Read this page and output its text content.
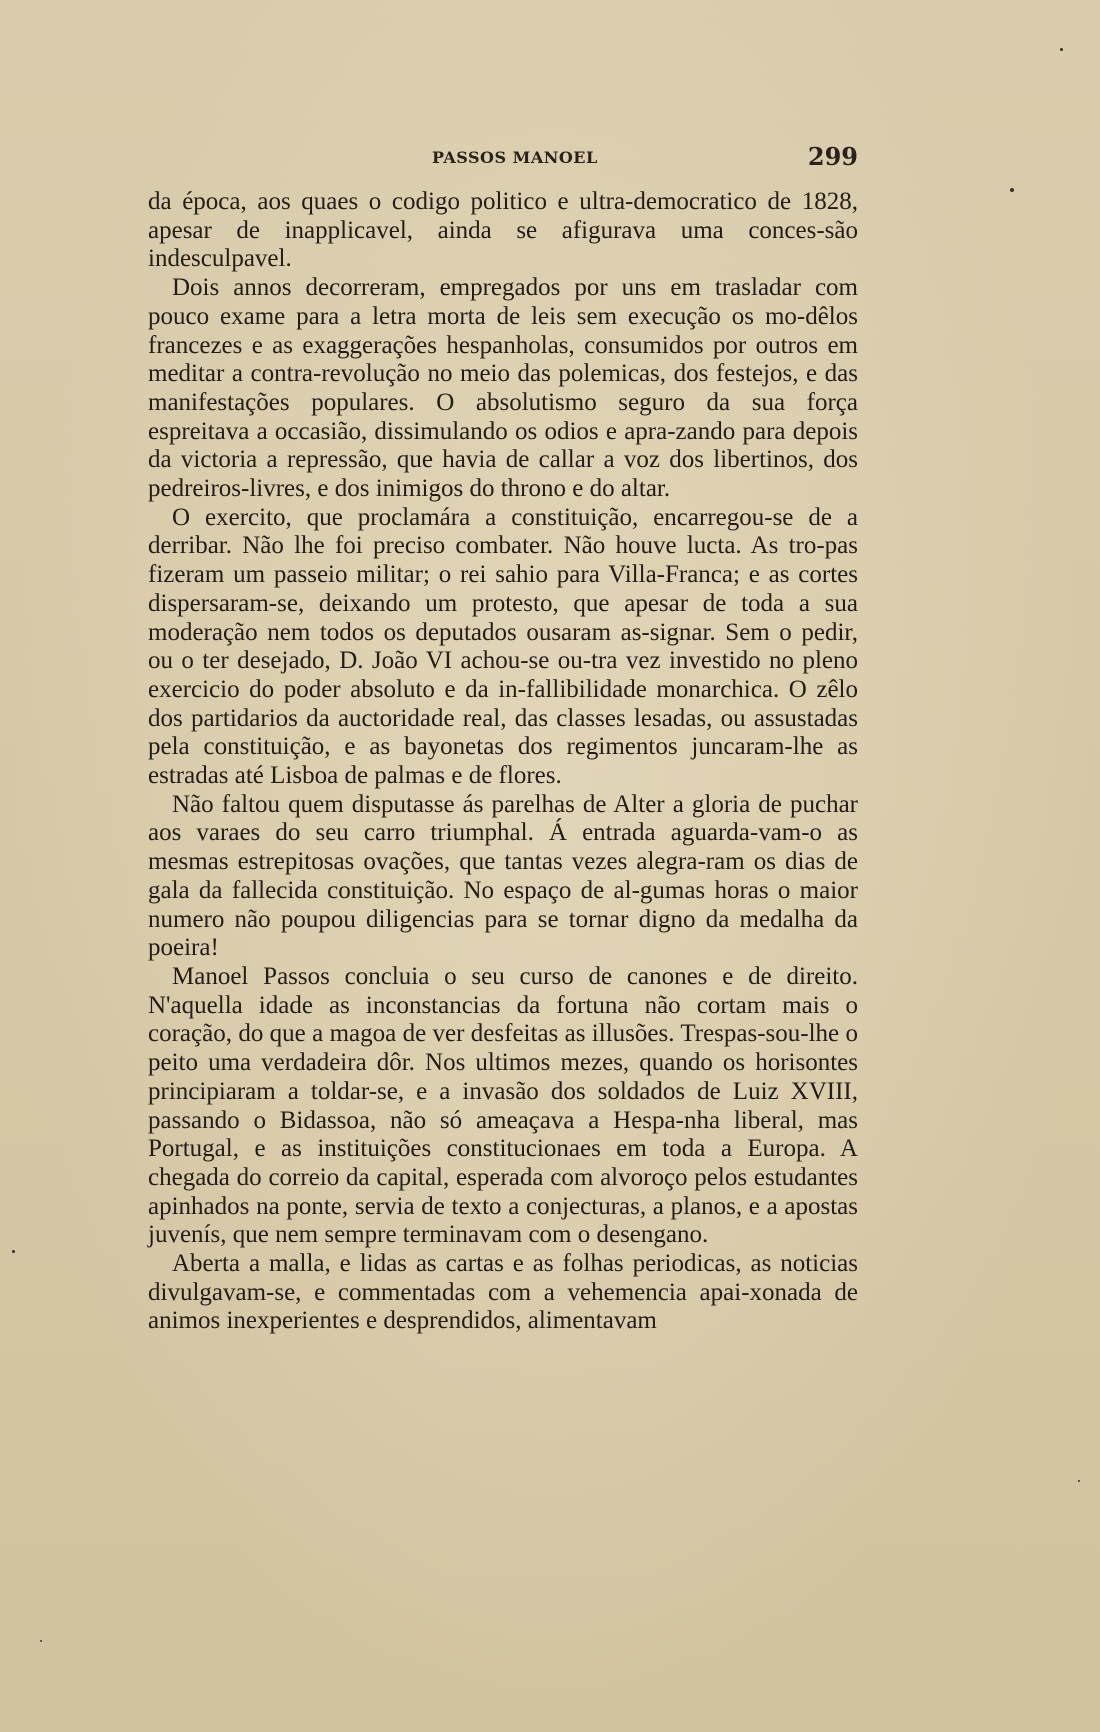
PASSOS MANOEL	299

da época, aos quaes o codigo politico e ultra-democratico de 1828, apesar de inapplicavel, ainda se afigurava uma conces-são indesculpavel.

Dois annos decorreram, empregados por uns em trasladar com pouco exame para a letra morta de leis sem execução os mo-dêlos francezes e as exaggerações hespanholas, consumidos por outros em meditar a contra-revolução no meio das polemicas, dos festejos, e das manifestações populares. O absolutismo seguro da sua força espreitava a occasião, dissimulando os odios e apra-zando para depois da victoria a repressão, que havia de callar a voz dos libertinos, dos pedreiros-livres, e dos inimigos do throno e do altar.

O exercito, que proclamára a constituição, encarregou-se de a derribar. Não lhe foi preciso combater. Não houve lucta. As tro-pas fizeram um passeio militar; o rei sahio para Villa-Franca; e as cortes dispersaram-se, deixando um protesto, que apesar de toda a sua moderação nem todos os deputados ousaram as-signar. Sem o pedir, ou o ter desejado, D. João VI achou-se ou-tra vez investido no pleno exercicio do poder absoluto e da in-fallibilidade monarchica. O zêlo dos partidarios da auctoridade real, das classes lesadas, ou assustadas pela constituição, e as bayonetas dos regimentos juncaram-lhe as estradas até Lisboa de palmas e de flores.

Não faltou quem disputasse ás parelhas de Alter a gloria de puchar aos varaes do seu carro triumphal. Á entrada aguarda-vam-o as mesmas estrepitosas ovações, que tantas vezes alegra-ram os dias de gala da fallecida constituição. No espaço de al-gumas horas o maior numero não poupou diligencias para se tornar digno da medalha da poeira!

Manoel Passos concluia o seu curso de canones e de direito. N'aquella idade as inconstancias da fortuna não cortam mais o coração, do que a magoa de ver desfeitas as illusões. Trespas-sou-lhe o peito uma verdadeira dôr. Nos ultimos mezes, quando os horisontes principiaram a toldar-se, e a invasão dos soldados de Luiz XVIII, passando o Bidassoa, não só ameaçava a Hespa-nha liberal, mas Portugal, e as instituições constitucionaes em toda a Europa. A chegada do correio da capital, esperada com alvoroço pelos estudantes apinhados na ponte, servia de texto a conjecturas, a planos, e a apostas juvenís, que nem sempre terminavam com o desengano.

Aberta a malla, e lidas as cartas e as folhas periodicas, as noticias divulgavam-se, e commentadas com a vehemencia apai-xonada de animos inexperientes e desprendidos, alimentavam
